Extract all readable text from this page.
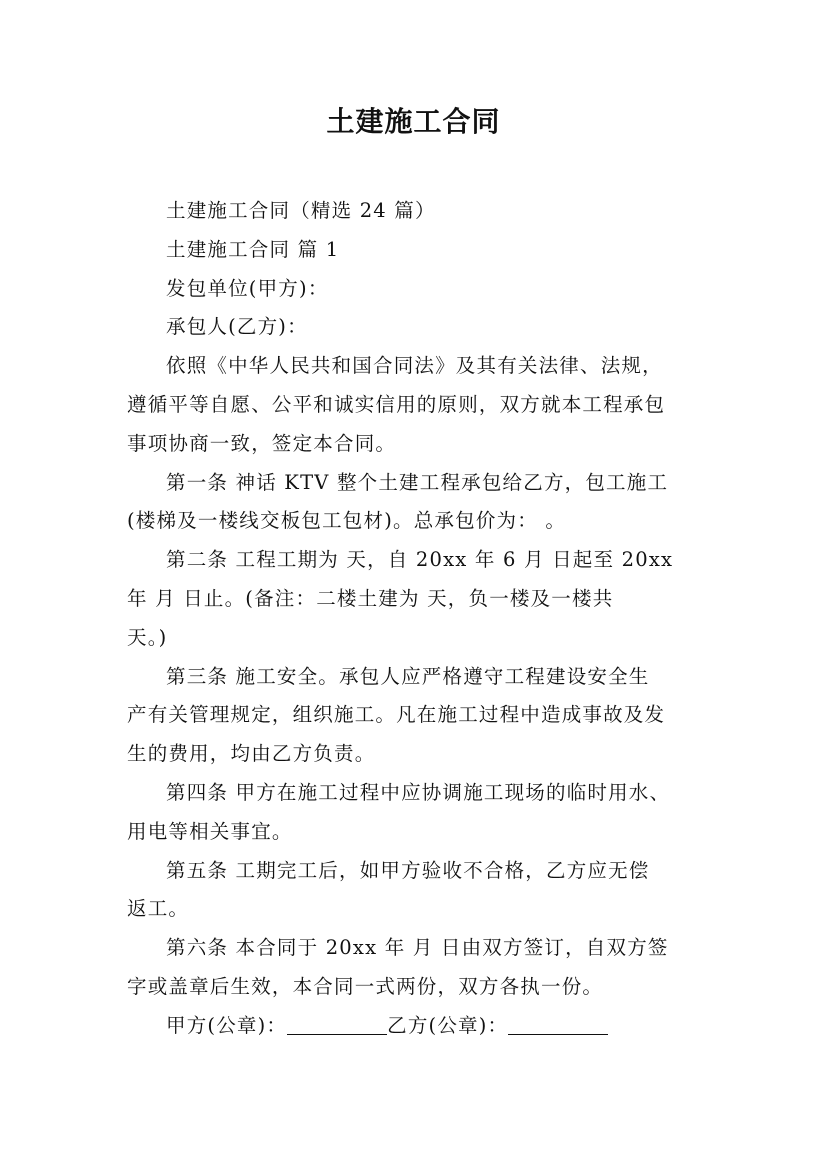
土建施工合同

土建施工合同（精选 24 篇）

土建施工合同 篇 1

发包单位(甲方)：

承包人(乙方)：

依照《中华人民共和国合同法》及其有关法律、法规，
遵循平等自愿、公平和诚实信用的原则，双方就本工程承包
事项协商一致，签定本合同。

第一条 神话 KTV 整个土建工程承包给乙方，包工施工
(楼梯及一楼线交板包工包材)。总承包价为： 。

第二条 工程工期为 天，自 20xx 年 6 月 日起至 20xx
年 月 日止。(备注：二楼土建为 天，负一楼及一楼共
天。)

第三条 施工安全。承包人应严格遵守工程建设安全生
产有关管理规定，组织施工。凡在施工过程中造成事故及发
生的费用，均由乙方负责。

第四条 甲方在施工过程中应协调施工现场的临时用水、
用电等相关事宜。

第五条 工期完工后，如甲方验收不合格，乙方应无偿
返工。

第六条 本合同于 20xx 年 月 日由双方签订，自双方签
字或盖章后生效，本合同一式两份，双方各执一份。

甲方(公章)：	乙方(公章)：
